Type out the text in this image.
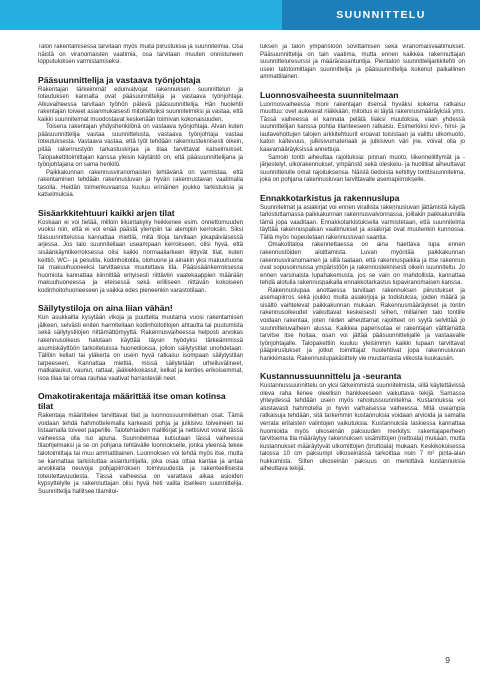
SUUNNITTELU

Talon rakentamisessa tarvitaan myös muita piirustuksia ja suunnitelmia. Osa näistä on viranomaisten vaatimia, osa tarvitaan muuten onnistuneen lopputuloksen varmistamiseksi.

Pääsuunnittelija ja vastaava työnjohtaja

Rakentajan tärkeimmät edunvalvojat rakennuksen suunnittelun ja toteutuksen kannalta ovat pääsuunnittelija ja vastaava työnjohtaja. Alkuvaiheessa tarvitaan työhön pätevä pääsuunnittelija. Hän huolehtii rakentajan toiveet asianmukaisesti mitoiteltuiksi suunnitelmiksi ja vastaa, että kaikki suunnitelmat muodostavat keskenään toimivan kokonaisuuden.

Toisena rakentajan yhdyshenkilönä on vastaava työnjohtaja. Alvan kuten pääsuunnittelija vastaa suunnittelusta, vastaava työnjohtaja vastaa toteutuksesta. Vastaava vastaa, että työt tehdään rakennusteknisesti oikein, pitää rakennustyön tarkastuskirjaa ja tilaa tarvittavat katselmukset. Talopakettitoimittajan kanssa yleisin käytäntö on, että pääsuunnittelijana ja työnjohtajana on sama henkilö.

Paikkakunnan rakennusviranomaisten tehtävänä on varmistaa, että rakentaminen tehdään rakennusluvan ja hyvän rakennustavan vaatimalla tasolla. Heidän toimenkuvaansa kuuluu erinäinen joukko tarkistuksia ja katselmuksia.

Sisäarkkitehtuuri kaikki arjen tilat

Koskaan ei voi tietää, milloin liikuntakyky heikkenee esim. onnettomuuden vuoksi niin, että ei voi enää päästä ylempiin tai alempiin kerroksiin. Siksi tilasuunnittelussa kannattaa miettiä, mitä tiloja tarvitaan jokapäiväisessä arjessa. Jos talo suunnitellaan useampaan kerrokseen, olisi hyvä, että sisäänkäyntikerroksessa olisi kaikki normaaliarkeen liittyvät tilat, kuten keittiö, WC-- ja pesutila, kodinhoitotila, olohuone ja ainakin yksi makuuhuone tai makuuhuoneeksi tarvittaessa muutettava tila. Pääsisäänkerroksessa huomiota kannattaa kiinnittää erityisesti riittäviin vaatekaappien määrään makuuhuoneessa ja eteisessä sekä erilliseen riittävän kokoiseen kodinhoitohuoneeseen ja vaikka edes pieneenkin varastotilaan.

Säilytystiloja on aina liian vähän!

Kun asukkailta kysytään vikoja ja puutteita muutama vuosi rakentamisen jälkeen, selvästi eniten harmitellaan kodinhoitotilojen ahtautta tai puutumista sekä säilytystilojen riittämättömyyttä. Rakennusvaiheessa helposti arvokas rakennusoikeus halutaan käyttää täysin hyödyksi tärkeämmissä asumiskäyttöön tarkoitetuissa huonetiloissa, jolloin säilytystilat unohdetaan. Tällöin kellari tai yläkerta on usein hyvä ratkaisu isompaan säilytystilan tarpeeseen. Kannattaa miettiä, missä säilytetään urheiluvälineet, matkalaukut, vaunut, rattaat, jääkiekkokassit, kelkat ja kenties erikoisemmat, isoa tilaa tai omaa rauhaa vaativat harrasteväli neet.

Omakotirakentaja määrittää itse oman kotinsa tilat

Rakentaja määrittelee tarvittavat tilat ja luonnossuunnitelman osat. Tämä voidaan tehdä hahmottelemalla karkeasti pohja ja julkisivu toiveineen tai listaamalla toiveet paperille. Talotehtaiden mallikirjat ja nettisivut voivat tässä vaiheessa olla iso apuna. Suunnitelmaa kutsutaan tässä vaiheessa tilaohjelmaksi ja se on pohjana tehtävälle luonnokselle, jonka yleensä tekee talotoimittaja tai muu ammattilainen. Luonnoksen voi tehdä myös itse, mutta se kannattaa tarkistuttaa asiantuntijalla, joka osaa ottaa kantaa ja antaa arvokkaita neuvoja pohjapiirroksen toimivuudesta ja rakenteellisesta toteutettavuudesta. Tässä vaiheessa on varattava aikaa asioiden kypsyttelylle ja rakennuttajan olisi hyvä heti valita itselleen suunnittelija. Suunnittelija hallitsee tilamitoi-

tuksen ja talon ympäristöön sovittamisen sekä viranomaisvaatimukset. Pääsuunnittelija on tain vaatima, mutta ennen kaikkea rakennuttajan suunnitteluresurssi ja määrä/asiantuntija. Pientalon suunnittelijarkkitehti on usein talotoimittajan suunnittelija ja pääsuunnittelija kokenut paikallinen ammattilainen.

Luonnosvaiheesta suunnitelmaan

Luonnosvaiheessa moni rakentajan itsensä hyväksi kokema ratkaisu muuttuu: ovet aukeavat riiäkkään, mitoitus ei täytä rakennusmääräyksiä yms. Tässä vaiheessa ei kannata pelätä liiaksi muutoksia, vaan yhdessä suunnittelijan kanssa pohtia tilanteeseen ratkaisu. Esimerkiksi kivi-, hirsi- ja lautavehottujen talojen arkkitehtuurit eroavat toisistaan ja valittu ulkomuoto, katon kaltevuus, julkisivumateriaali ja julkisivun väri jne. voivat olla jo kaavamääräyksissä annettuja.

Samoin tontti aiheuttaa rajoituksia: pinnan muoto, liikenneliittymät ja -järjestelyt, ulkorakennukset, ympäristö sekä oleskelu- ja huolitilat aiheuttavat suunnittelulle omat rajoituksensa. Näistä tiedoista kehittyy tonttisuunnitelma, joka on pohjana rakennusluvan tarvittavalle asemapiirrokselle.

Ennakkotarkistus ja rakennuslupa

Suunnitelmat ja asiakirjat voi ennen virallista rakennusluvan jättämistä käydä tarkistuttamassa paikkakunnan rakennusvalvonnassa, joillakin paikkakunnilla tämä jopa vaaditaan. Ennakkotarkistuksella varmistetaan, että suunnitelma täyttää rakennuspaikan vaatimukset ja asiakirjat ovat muutenkin kunnossa. Tällä myös nopeutetaan rakennusluvan saantia.

Omakotitaloa rakennettaessa on aina haettava lupa ennen rakennustöiden aloittamista. Luvan myöntää paikkakunnan rakennusviranomainen ja sillä taataan, että rakennuspaikka ja itse rakennus ovat sopusoinnussa ympäristöön ja rakennusteknisesti oikein suunniteltu. Jo ennen varsinaista lupahakemusta, jos se vain on mahdollista, kannattaa tehdä alotulia rakennuspaikalla ennakkotarkastus lupaviranomaisen kanssa.

Rakennuslupaa anottaessa tarvitaan rakennuksen piirustukset ja asemapiirros sekä joukko muita asiakirjoja ja todistuksia, joiden määrä ja sisältö vaihtelevat paikkakunnan mukaan. Rakennusmääräykset ja tontin rakennusoikeudet vaikuttavat keskeisesti siihen, millainen talo tontille voidaan rakentaa, joten niiden aiheuttamat rajoitteet on syytä selvittää jo suunnitteluvaiheen alussa. Kaikkea paperisotaa ei rakentajan välttämättä tarvitse itse hoitaa, osan voi jättää pääsuunnittelijalle ja vastaavalle työnjohtajalle. Talopakettiin kuuluu yleisimmin kaikki lupaan tarvittavat pääpiirustukset ja jotkut toimittajat huolehtivat jopa rakennusluvan hankkimasta. Rakennuslupakäsittely vie muutamasta viikosta kuukausiin.

Kustannussuunnittelu ja -seuranta

Kustannussuunnittelu on yksi tärkeimmistä suunnitelmista, sillä käytettävissä oleva raha lienee oleellisin hankkeeseen vaikuttava tekijä. Samassa yhteydessä tehdään usein myös rahoitussuunnitelma. Kustannuksia voi alustavasti hahmotella jo hyvin varhaisessa vaiheessa. Mitä useampia ratkaisuja tehdään, sitä tarkemmin kustannuksia voidaan arvioida ja samalla verrata erilaisten valintojen vaikutuksia. Kustannuksia laskiessa kannattaa huomioida myös ulkoseinän paksuuden merkitys: rakentajaperheen tarvitsema tila määräytyy rakennuksen sisämittojen (nettoala) mukaan, mutta kustannukset määräytyvät ulkomittojen (bruttoala) mukaan. Keskikokoisessa talossa 10 cm paksumpi ulkoseinässä tarkoittaa noin 7 m² pinta-alan hukkumista. Silten ulkoseinän paksuus on merkittävä kustannuksia aiheuttava tekijä.

9
